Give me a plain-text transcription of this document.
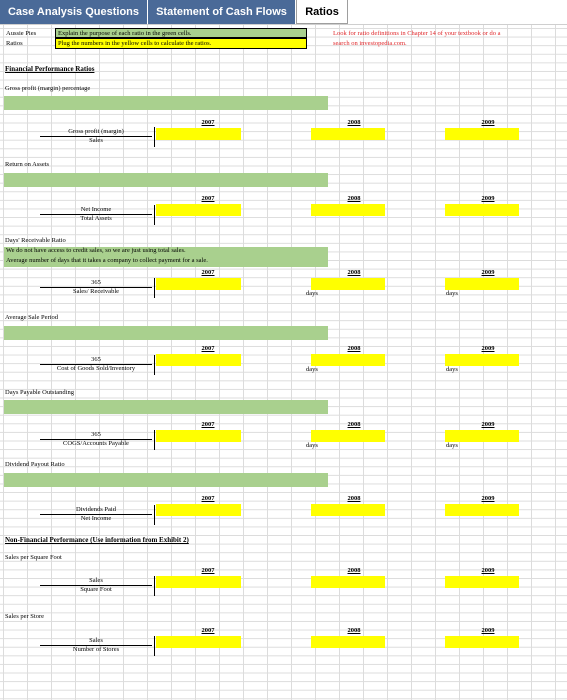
Case Analysis Questions	Statement of Cash Flows	Ratios
Aussie Pies
Ratios
Explain the purpose of each ratio in the green cells.
Plug the numbers in the yellow cells to calculate the ratios.
Look for ratio definitions in Chapter 14 of your textbook or do a
search on investopedia.com.
Financial Performance Ratios
Gross profit (margin) percentage
2007	2008	2009
Gross profit (margin)
Sales
Return on Assets
2007	2008	2009
Net Income
Total Assets
Days' Receivable Ratio
We do not have access to credit sales, so we are just using total sales.
Average number of days that it takes a company to collect payment for a sale.
2007	2008	2009
365
Sales/ Receivable	days	days
Average Sale Period
2007	2008	2009
365
Cost of Goods Sold/Inventory	days	days
Days Payable Outstanding
2007	2008	2009
365
COGS/Accounts Payable	days	days
Dividend Payout Ratio
2007	2008	2009
Dividends Paid
Net Income
Non-Financial Performance (Use information from Exhibit 2)
Sales per Square Foot
2007	2008	2009
Sales
Square Foot
Sales per Store
2007	2008	2009
Sales
Number of Stores
